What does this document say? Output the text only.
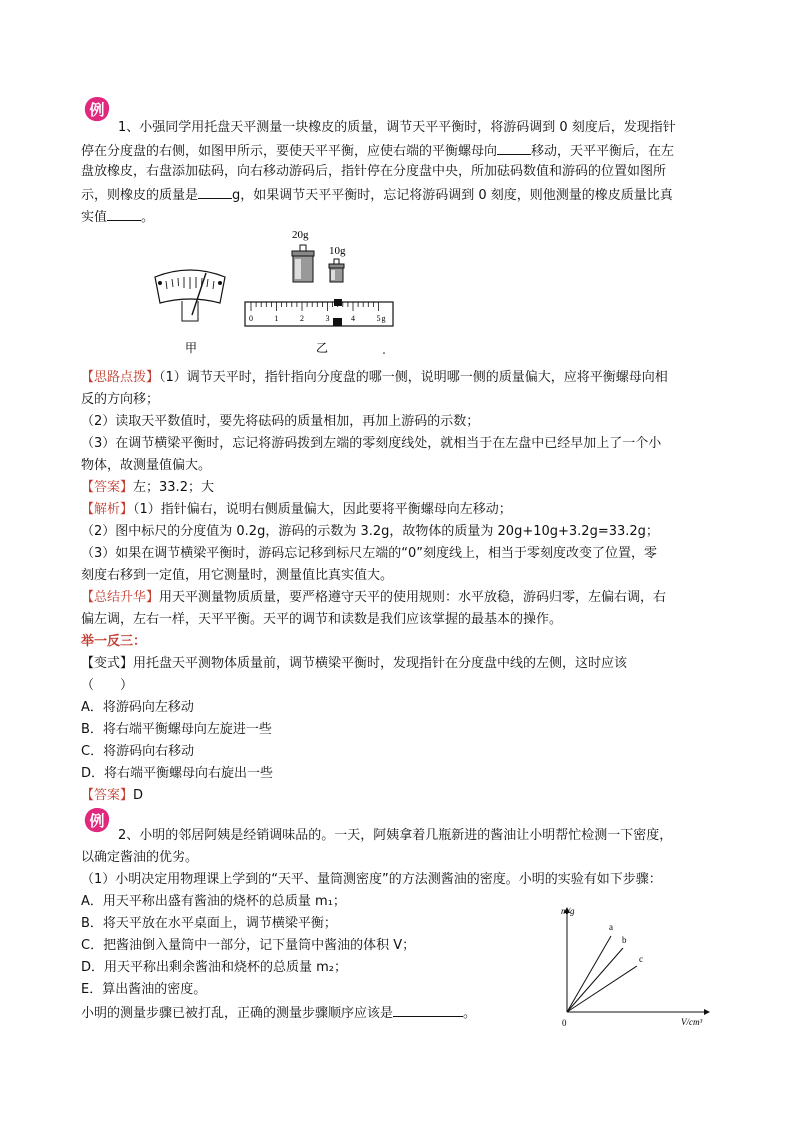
例
1、小强同学用托盘天平测量一块橡皮的质量，调节天平平衡时，将游码调到 0 刻度后，发现指针
停在分度盘的右侧，如图甲所示，要使天平平衡，应使右端的平衡螺母向	移动，天平平衡后，在左
盘放橡皮，右盘添加砝码，向右移动游码后，指针停在分度盘中央，所加砝码数值和游码的位置如图所
示，则橡皮的质量是	g，如果调节天平平衡时，忘记将游码调到 0 刻度，则他测量的橡皮质量比真
实值	。
甲
20g
10g
0	1	2	3	4	5 g
乙
【思路点拨】（1）调节天平时，指针指向分度盘的哪一侧，说明哪一侧的质量偏大，应将平衡螺母向相
反的方向移；
（2）读取天平数值时，要先将砝码的质量相加，再加上游码的示数；
（3）在调节横梁平衡时，忘记将游码拨到左端的零刻度线处，就相当于在左盘中已经早加上了一个小
物体，故测量值偏大。
【答案】左；33.2；大
【解析】（1）指针偏右，说明右侧质量偏大，因此要将平衡螺母向左移动；
（2）图中标尺的分度值为 0.2g，游码的示数为 3.2g，故物体的质量为 20g+10g+3.2g=33.2g；
（3）如果在调节横梁平衡时，游码忘记移到标尺左端的“0”刻度线上，相当于零刻度改变了位置，零
刻度右移到一定值，用它测量时，测量值比真实值大。
【总结升华】用天平测量物质质量，要严格遵守天平的使用规则：水平放稳，游码归零，左偏右调，右
偏左调，左右一样，天平平衡。天平的调节和读数是我们应该掌握的最基本的操作。
举一反三：
【变式】用托盘天平测物体质量前，调节横梁平衡时，发现指针在分度盘中线的左侧，这时应该
（　　）
A．将游码向左移动
B．将右端平衡螺母向左旋进一些
C．将游码向右移动
D．将右端平衡螺母向右旋出一些
【答案】D
例
2、小明的邻居阿姨是经销调味品的。一天，阿姨拿着几瓶新进的酱油让小明帮忙检测一下密度，
以确定酱油的优劣。
（1）小明决定用物理课上学到的“天平、量筒测密度”的方法测酱油的密度。小明的实验有如下步骤：
A．用天平称出盛有酱油的烧杯的总质量 m₁；
B．将天平放在水平桌面上，调节横梁平衡；
C．把酱油倒入量筒中一部分，记下量筒中酱油的体积 V；
D．用天平称出剩余酱油和烧杯的总质量 m₂；
E．算出酱油的密度。
小明的测量步骤已被打乱，正确的测量步骤顺序应该是	。
m/g
V/cm³
0
a
b
c
